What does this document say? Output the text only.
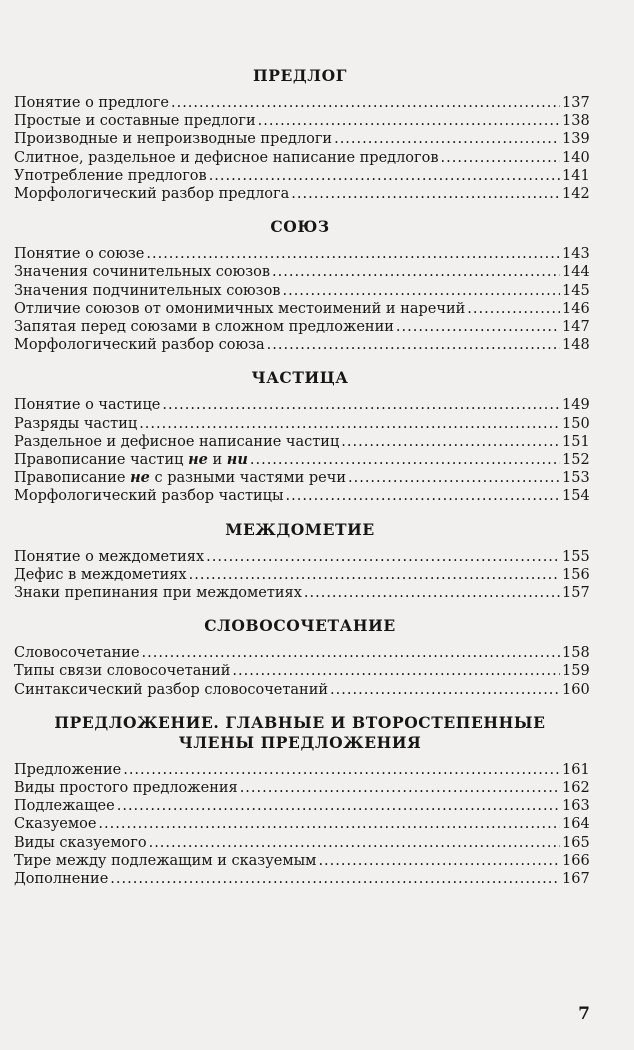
ПРЕДЛОГ
Понятие о предлоге .....	137
Простые и составные предлоги .....	138
Производные и непроизводные предлоги .....	139
Слитное, раздельное и дефисное написание предлогов .....	140
Употребление предлогов .....	141
Морфологический разбор предлога .....	142
СОЮЗ
Понятие о союзе .....	143
Значения сочинительных союзов .....	144
Значения подчинительных союзов .....	145
Отличие союзов от омонимичных местоимений и наречий .....	146
Запятая перед союзами в сложном предложении .....	147
Морфологический разбор союза .....	148
ЧАСТИЦА
Понятие о частице .....	149
Разряды частиц .....	150
Раздельное и дефисное написание частиц .....	151
Правописание частиц не и ни .....	152
Правописание не с разными частями речи .....	153
Морфологический разбор частицы .....	154
МЕЖДОМЕТИЕ
Понятие о междометиях .....	155
Дефис в междометиях .....	156
Знаки препинания при междометиях .....	157
СЛОВОСОЧЕТАНИЕ
Словосочетание .....	158
Типы связи словосочетаний .....	159
Синтаксический разбор словосочетаний .....	160
ПРЕДЛОЖЕНИЕ. ГЛАВНЫЕ И ВТОРОСТЕПЕННЫЕ
ЧЛЕНЫ ПРЕДЛОЖЕНИЯ
Предложение .....	161
Виды простого предложения .....	162
Подлежащее .....	163
Сказуемое .....	164
Виды сказуемого .....	165
Тире между подлежащим и сказуемым .....	166
Дополнение .....	167
7
